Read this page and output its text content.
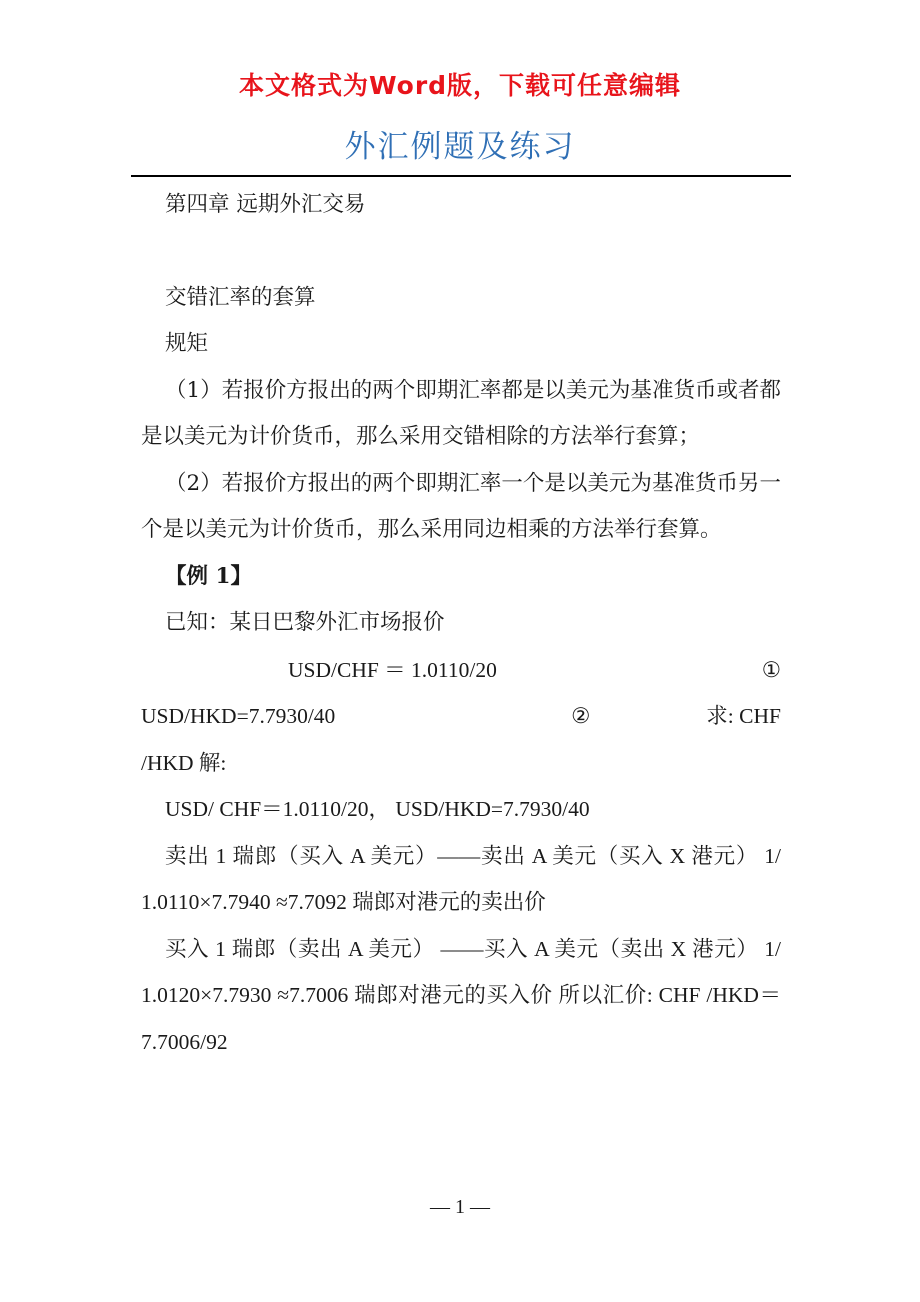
本文格式为Word版，下载可任意编辑
外汇例题及练习

第四章 远期外汇交易

交错汇率的套算

规矩

（1）若报价方报出的两个即期汇率都是以美元为基准货币或者都是以美元为计价货币，那么采用交错相除的方法举行套算；

（2）若报价方报出的两个即期汇率一个是以美元为基准货币另一个是以美元为计价货币，那么采用同边相乘的方法举行套算。

【例 1】

已知：某日巴黎外汇市场报价

USD/CHF ＝ 1.0110/20	①
USD/HKD=7.7930/40	②	求: CHF

/HKD 解:

USD/ CHF＝1.0110/20， USD/HKD=7.7930/40

卖出 1 瑞郎（买入 A 美元）——卖出 A 美元（买入 X 港元） 1/ 1.0110×7.7940 ≈7.7092 瑞郎对港元的卖出价

买入 1 瑞郎（卖出 A 美元） ——买入 A 美元（卖出 X 港元） 1/ 1.0120×7.7930 ≈7.7006 瑞郎对港元的买入价 所以汇价: CHF /HKD＝7.7006/92

— 1 —
